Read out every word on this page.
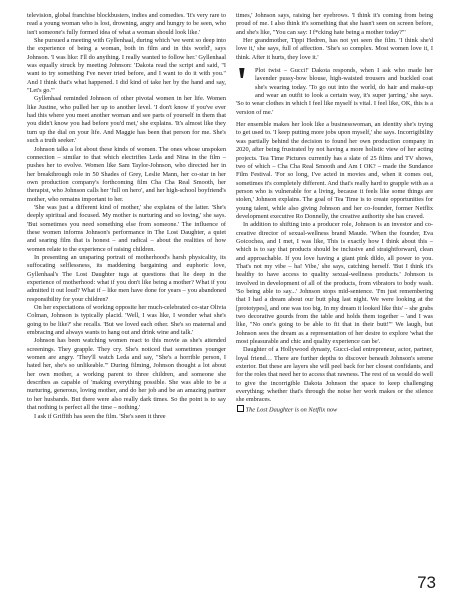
television, global franchise blockbusters, indies and comedies. 'It's very rare to read a young woman who is lost, drowning, angry and hungry to be seen, who isn't someone's fully formed idea of what a woman should look like.'

She pursued a meeting with Gyllenhaal, during which 'we went so deep into the experience of being a woman, both in film and in this world', says Johnson. 'I was like: I'll do anything. I really wanted to follow her.' Gyllenhaal was equally struck by meeting Johnson: 'Dakota read the script and said, "I want to try something I've never tried before, and I want to do it with you." And I think that's what happened. I did kind of take her by the hand and say, "Let's go."'

Gyllenhaal reminded Johnson of other pivotal women in her life. Women like Justine, who pulled her up to another level. 'I don't know if you've ever had this where you meet another woman and see parts of yourself in them that you didn't know you had before you'd met,' she explains. 'It's almost like they turn up the dial on your life. And Maggie has been that person for me. She's such a truth seeker.'

Johnson talks a lot about these kinds of women. The ones whose unspoken connection – similar to that which electrifies Leda and Nina in the film – pushes her to evolve. Women like Sam Taylor-Johnson, who directed her in her breakthrough role in 50 Shades of Grey, Leslie Mann, her co-star in her own production company's forthcoming film Cha Cha Real Smooth, her therapist, who Johnson calls her 'full on hero', and her high-school boyfriend's mother, who remains important to her.

'She was just a different kind of mother,' she explains of the latter. 'She's deeply spiritual and focused. My mother is nurturing and so loving,' she says. 'But sometimes you need something else from someone.' The influence of these women informs Johnson's performance in The Lost Daughter, a quiet and searing film that is honest – and radical – about the realities of how women relate to the experience of raising children.

In presenting an unsparing portrait of motherhood's harsh physicality, its suffocating selflessness, its maddening bargaining and euphoric love, Gyllenhaal's The Lost Daughter tugs at questions that lie deep in the experience of motherhood: what if you don't like being a mother? What if you admitted it out loud? What if – like men have done for years – you abandoned responsibility for your children?

On her expectations of working opposite her much-celebrated co-star Olivia Colman, Johnson is typically placid. 'Well, I was like, I wonder what she's going to be like?' she recalls. 'But we loved each other. She's so maternal and embracing and always wants to hang out and drink wine and talk.'

Johnson has been watching women react to this movie as she's attended screenings. They grapple. They cry. She's noticed that sometimes younger women are angry. 'They'll watch Leda and say, "She's a horrible person, I hated her, she's so unlikeable."' During filming, Johnson thought a lot about her own mother, a working parent to three children, and someone she describes as capable of 'making everything possible. She was able to be a nurturing, generous, loving mother, and do her job and be an amazing partner to her husbands. But there were also really dark times. So the point is to say that nothing is perfect all the time – nothing.'

I ask if Griffith has seen the film. 'She's seen it three

times,' Johnson says, raising her eyebrows. 'I think it's coming from being proud of me. I also think it's something that she hasn't seen on screen before, and she's like, "You can say: I f*cking hate being a mother today?"'

Her grandmother, Tippi Hedren, has not yet seen the film. 'I think she'd love it,' she says, full of affection. 'She's so complex. Most women love it, I think. After it hurts, they love it.'

'	Plot twist – Gucci!' Dakota responds, when I ask who made her lavender pussy-bow blouse, high-waisted trousers and buckled coat she's wearing today. 'To go out into the world, do hair and make-up and wear an outfit to look a certain way, it's super jarring,' she says. 'So to wear clothes in which I feel like myself is vital. I feel like, OK, this is a version of me.'

Her ensemble makes her look like a businesswoman, an identity she's trying to get used to. 'I keep putting more jobs upon myself,' she says. Incorrigibility was partially behind the decision to found her own production company in 2020, after being frustrated by not having a more holistic view of her acting projects. Tea Time Pictures currently has a slate of 25 films and TV shows, two of which – Cha Cha Real Smooth and Am I OK? – made the Sundance Film Festival. 'For so long, I've acted in movies and, when it comes out, sometimes it's completely different. And that's really hard to grapple with as a person who is vulnerable for a living, because it feels like some things are stolen,' Johnson explains. The goal of Tea Time is to create opportunities for young talent, while also giving Johnson and her co-founder, former Netflix development executive Ro Donnelly, the creative authority she has craved.

In addition to shifting into a producer role, Johnson is an investor and co-creative director of sexual-wellness brand Maude. 'When the founder, Eva Goicochea, and I met, I was like, This is exactly how I think about this – which is to say that products should be inclusive and straightforward, clean and approachable. If you love having a giant pink dildo, all power to you. That's not my vibe – ha! Vibe,' she says, catching herself. 'But I think it's healthy to have access to quality sexual-wellness products.' Johnson is involved in development of all of the products, from vibrators to body wash. 'So being able to say...' Johnson stops mid-sentence. 'I'm just remembering that I had a dream about our butt plug last night. We were looking at the [prototypes], and one was too big. In my dream it looked like this' – she grabs two decorative gourds from the table and holds them together – 'and I was like, "No one's going to be able to fit that in their butt!"' We laugh, but Johnson sees the dream as a representation of her desire to explore 'what the most pleasurable and chic and quality experience can be'.

Daughter of a Hollywood dynasty, Gucci-clad entrepreneur, actor, partner, loyal friend… There are further depths to discover beneath Johnson's serene exterior. But these are layers she will peel back for her closest confidants, and for the roles that need her to access that rawness. The rest of us would do well to give the incorrigible Dakota Johnson the space to keep challenging everything; whether that's through the noise her work makes or the silence she embraces.

The Lost Daughter is on Netflix now

73
